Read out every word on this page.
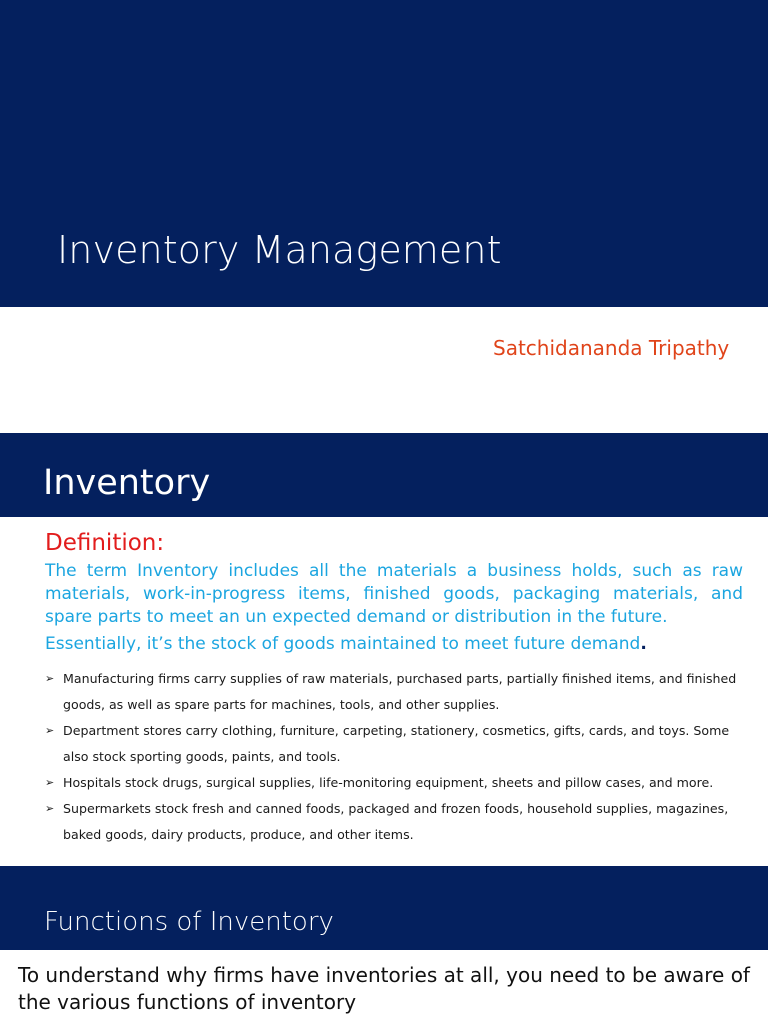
Inventory Management
Satchidananda Tripathy
Inventory
Definition:
The term Inventory includes all the materials a business holds, such as raw materials, work-in-progress items, finished goods, packaging materials, and spare parts to meet an un expected demand or distribution in the future.
Essentially, it’s the stock of goods maintained to meet future demand.
➢ Manufacturing firms carry supplies of raw materials, purchased parts, partially finished items, and finished goods, as well as spare parts for machines, tools, and other supplies.
➢ Department stores carry clothing, furniture, carpeting, stationery, cosmetics, gifts, cards, and toys. Some also stock sporting goods, paints, and tools.
➢ Hospitals stock drugs, surgical supplies, life-monitoring equipment, sheets and pillow cases, and more.
➢ Supermarkets stock fresh and canned foods, packaged and frozen foods, household supplies, magazines, baked goods, dairy products, produce, and other items.
Functions of Inventory
To understand why firms have inventories at all, you need to be aware of the various functions of inventory
